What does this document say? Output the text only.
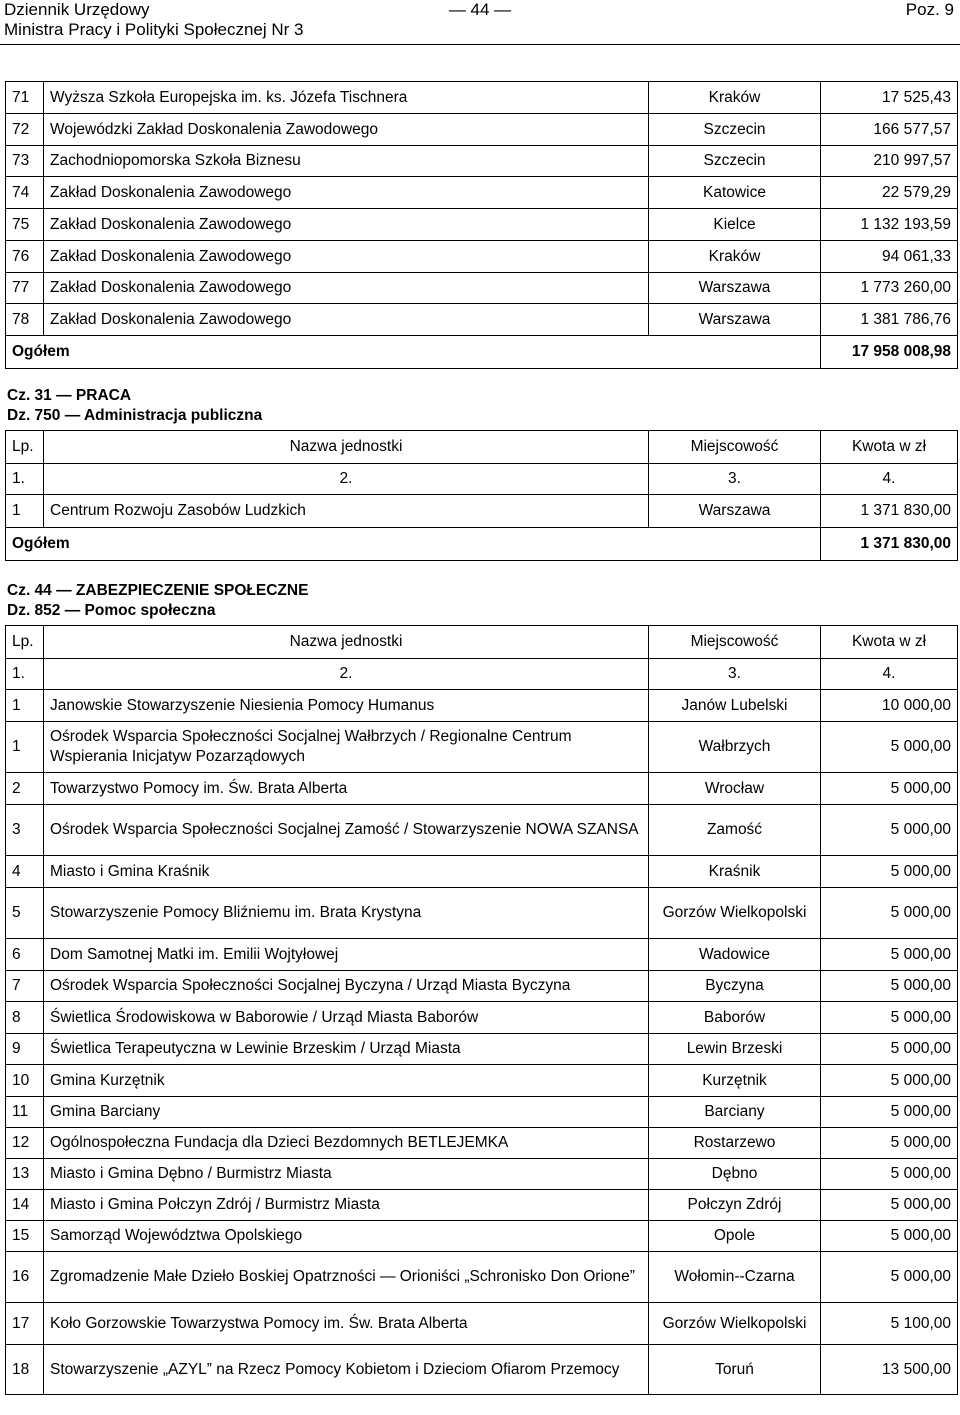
Dziennik Urzędowy
Ministra Pracy i Polityki Społecznej Nr 3
— 44 —	Poz. 9
71	Wyższa Szkoła Europejska im. ks. Józefa Tischnera	Kraków	17 525,43
72	Wojewódzki Zakład Doskonalenia Zawodowego	Szczecin	166 577,57
73	Zachodniopomorska Szkoła Biznesu	Szczecin	210 997,57
74	Zakład Doskonalenia Zawodowego	Katowice	22 579,29
75	Zakład Doskonalenia Zawodowego	Kielce	1 132 193,59
76	Zakład Doskonalenia Zawodowego	Kraków	94 061,33
77	Zakład Doskonalenia Zawodowego	Warszawa	1 773 260,00
78	Zakład Doskonalenia Zawodowego	Warszawa	1 381 786,76
Ogółem			17 958 008,98
Cz. 31 — PRACA
Dz. 750 — Administracja publiczna
Lp.	Nazwa jednostki	Miejscowość	Kwota w zł
1.	2.	3.	4.
1	Centrum Rozwoju Zasobów Ludzkich	Warszawa	1 371 830,00
Ogółem			1 371 830,00
Cz. 44 — ZABEZPIECZENIE SPOŁECZNE
Dz. 852 — Pomoc społeczna
Lp.	Nazwa jednostki	Miejscowość	Kwota w zł
1.	2.	3.	4.
1	Janowskie Stowarzyszenie Niesienia Pomocy Humanus	Janów Lubelski	10 000,00
1	Ośrodek Wsparcia Społeczności Socjalnej Wałbrzych / Regionalne Centrum Wspierania Inicjatyw Pozarządowych	Wałbrzych	5 000,00
2	Towarzystwo Pomocy im. Św. Brata Alberta	Wrocław	5 000,00
3	Ośrodek Wsparcia Społeczności Socjalnej Zamość / Stowarzyszenie NOWA SZANSA	Zamość	5 000,00
4	Miasto i Gmina Kraśnik	Kraśnik	5 000,00
5	Stowarzyszenie Pomocy Bliźniemu im. Brata Krystyna	Gorzów Wielkopolski	5 000,00
6	Dom Samotnej Matki im. Emilii Wojtyłowej	Wadowice	5 000,00
7	Ośrodek Wsparcia Społeczności Socjalnej Byczyna / Urząd Miasta Byczyna	Byczyna	5 000,00
8	Świetlica Środowiskowa w Baborowie / Urząd Miasta Baborów	Baborów	5 000,00
9	Świetlica Terapeutyczna w Lewinie Brzeskim / Urząd Miasta	Lewin Brzeski	5 000,00
10	Gmina Kurzętnik	Kurzętnik	5 000,00
11	Gmina Barciany	Barciany	5 000,00
12	Ogólnospołeczna Fundacja dla Dzieci Bezdomnych BETLEJEMKA	Rostarzewo	5 000,00
13	Miasto i Gmina Dębno / Burmistrz Miasta	Dębno	5 000,00
14	Miasto i Gmina Połczyn Zdrój / Burmistrz Miasta	Połczyn Zdrój	5 000,00
15	Samorząd Województwa Opolskiego	Opole	5 000,00
16	Zgromadzenie Małe Dzieło Boskiej Opatrzności — Orioniści „Schronisko Don Orione”	Wołomin--Czarna	5 000,00
17	Koło Gorzowskie Towarzystwa Pomocy im. Św. Brata Alberta	Gorzów Wielkopolski	5 100,00
18	Stowarzyszenie „AZYL” na Rzecz Pomocy Kobietom i Dzieciom Ofiarom Przemocy	Toruń	13 500,00
